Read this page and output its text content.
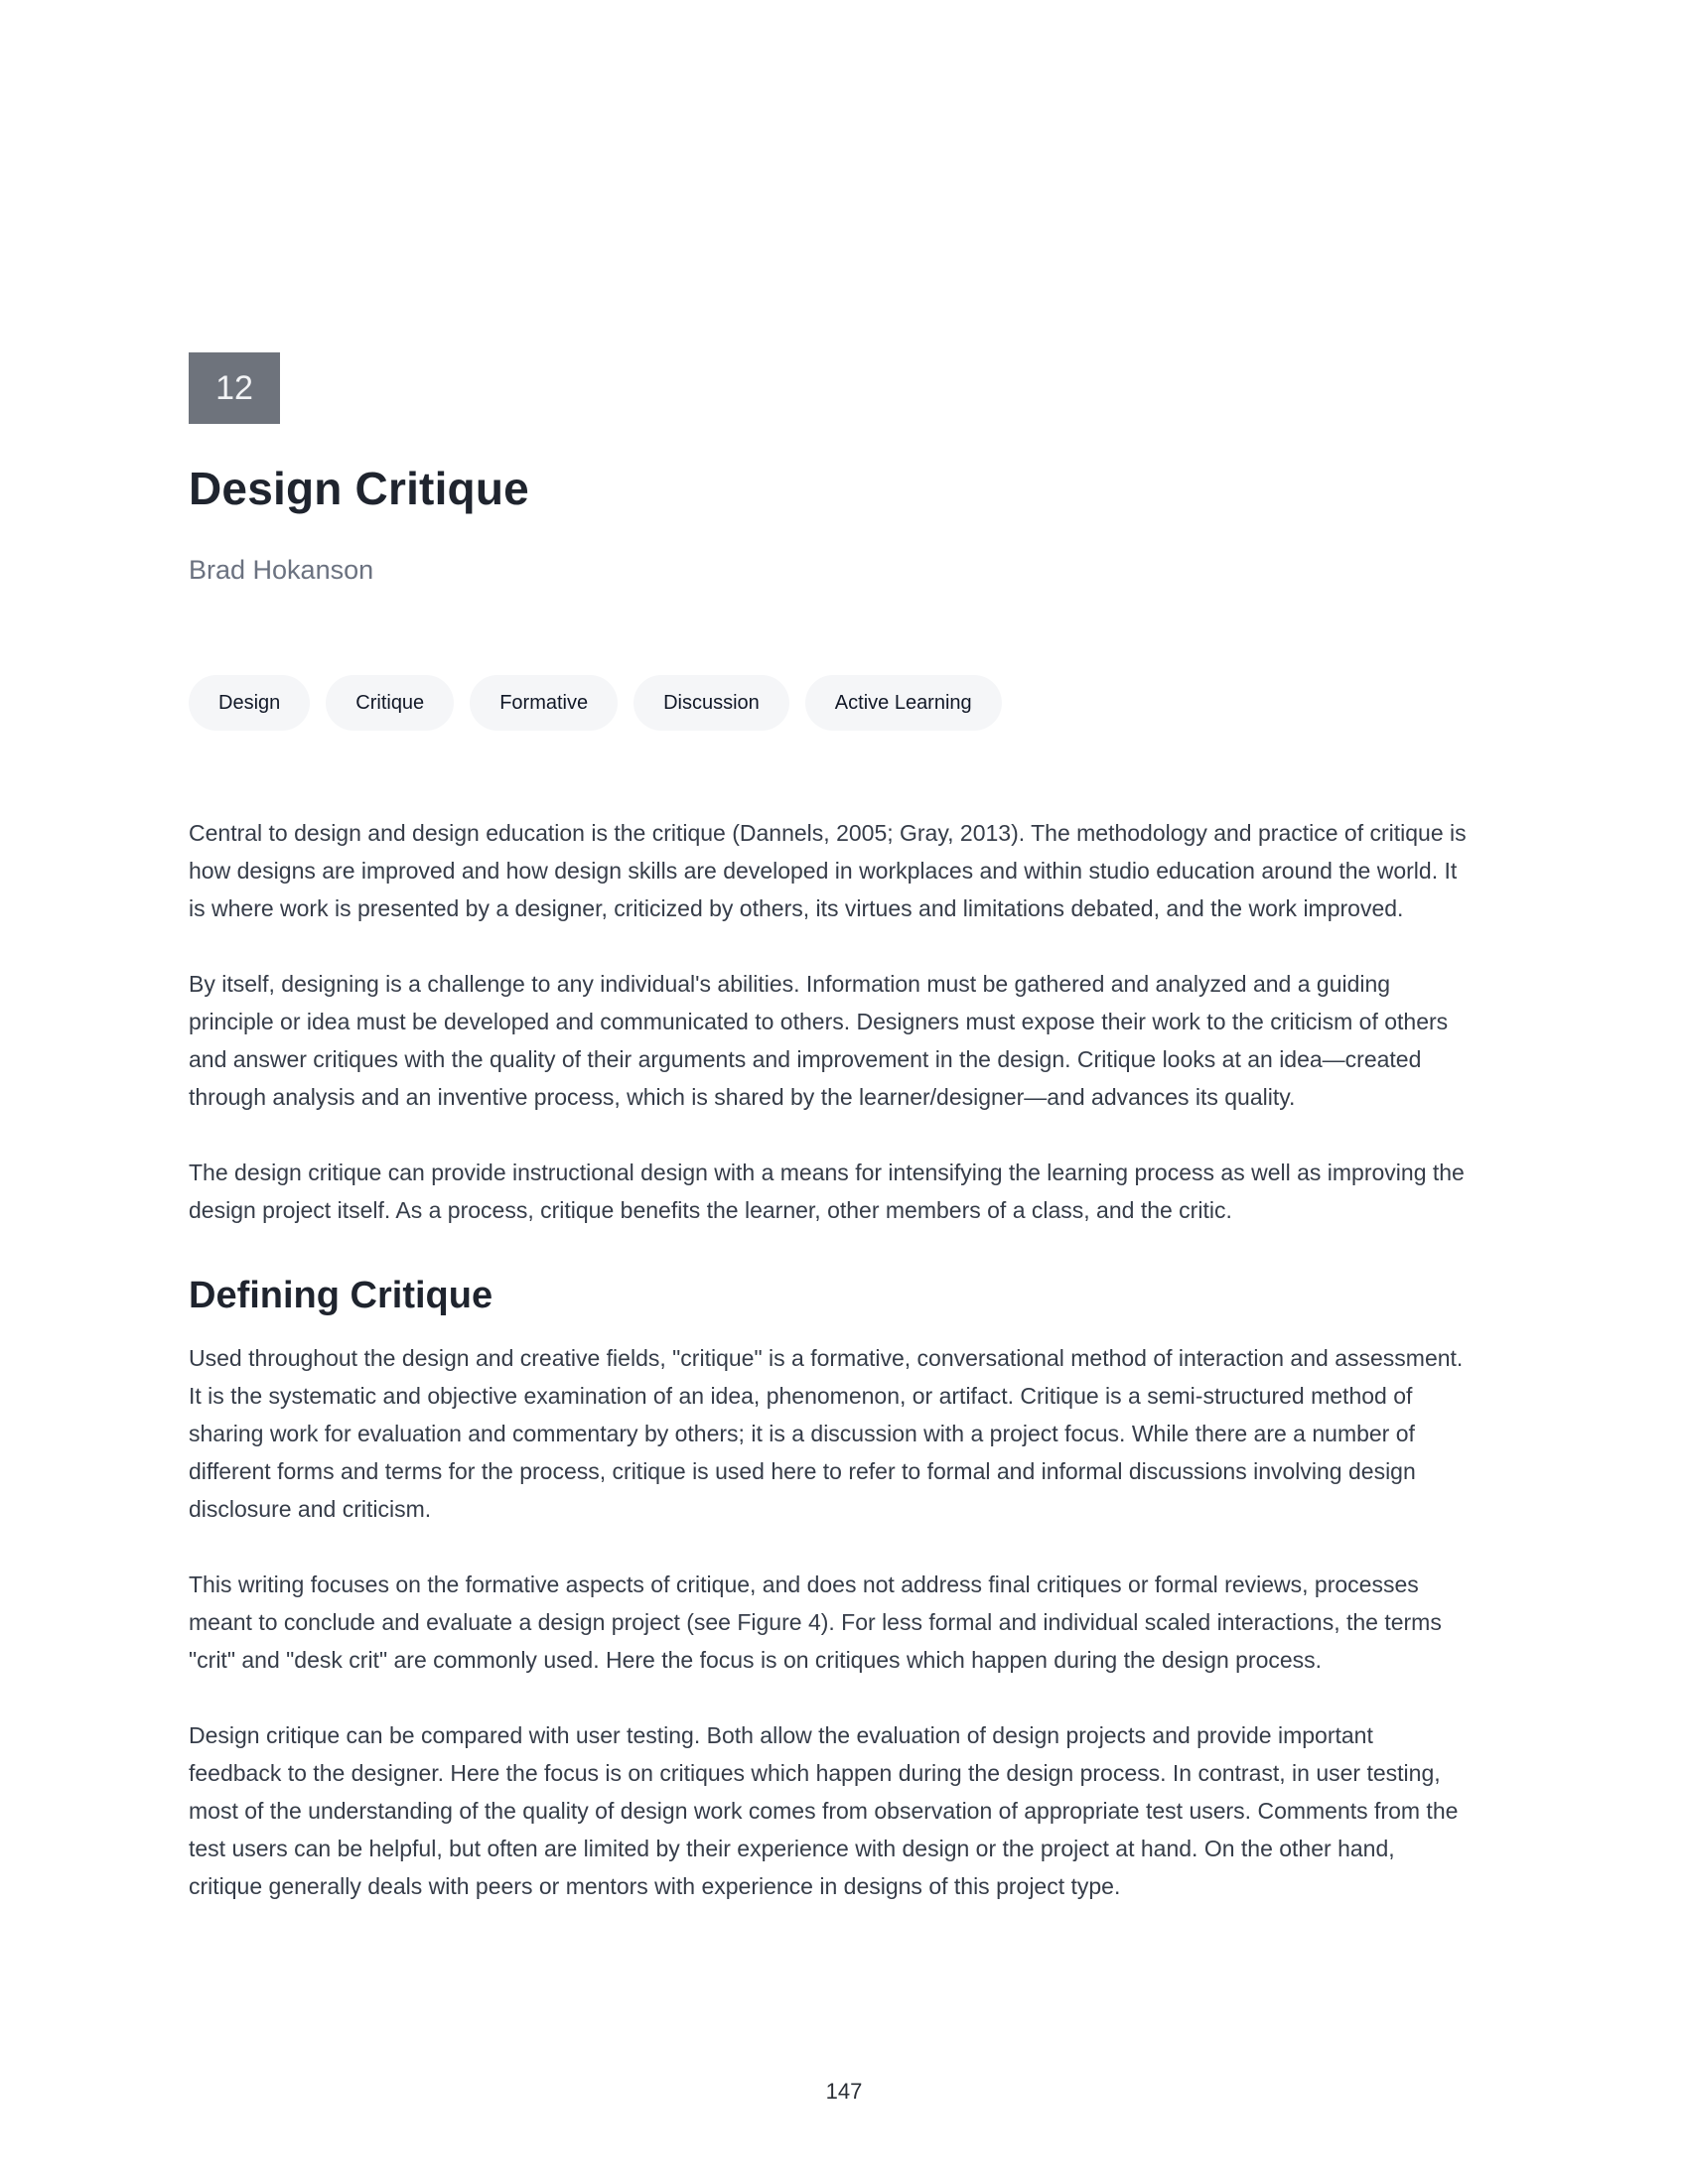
12
Design Critique
Brad Hokanson
Design	Critique	Formative	Discussion	Active Learning

Central to design and design education is the critique (Dannels, 2005; Gray, 2013). The methodology and practice of critique is how designs are improved and how design skills are developed in workplaces and within studio education around the world. It is where work is presented by a designer, criticized by others, its virtues and limitations debated, and the work improved.

By itself, designing is a challenge to any individual's abilities. Information must be gathered and analyzed and a guiding principle or idea must be developed and communicated to others. Designers must expose their work to the criticism of others and answer critiques with the quality of their arguments and improvement in the design. Critique looks at an idea—created through analysis and an inventive process, which is shared by the learner/designer—and advances its quality.

The design critique can provide instructional design with a means for intensifying the learning process as well as improving the design project itself. As a process, critique benefits the learner, other members of a class, and the critic.

Defining Critique

Used throughout the design and creative fields, "critique" is a formative, conversational method of interaction and assessment. It is the systematic and objective examination of an idea, phenomenon, or artifact. Critique is a semi-structured method of sharing work for evaluation and commentary by others; it is a discussion with a project focus. While there are a number of different forms and terms for the process, critique is used here to refer to formal and informal discussions involving design disclosure and criticism.

This writing focuses on the formative aspects of critique, and does not address final critiques or formal reviews, processes meant to conclude and evaluate a design project (see Figure 4). For less formal and individual scaled interactions, the terms "crit" and "desk crit" are commonly used. Here the focus is on critiques which happen during the design process.

Design critique can be compared with user testing. Both allow the evaluation of design projects and provide important feedback to the designer. Here the focus is on critiques which happen during the design process. In contrast, in user testing, most of the understanding of the quality of design work comes from observation of appropriate test users. Comments from the test users can be helpful, but often are limited by their experience with design or the project at hand. On the other hand, critique generally deals with peers or mentors with experience in designs of this project type.

147
